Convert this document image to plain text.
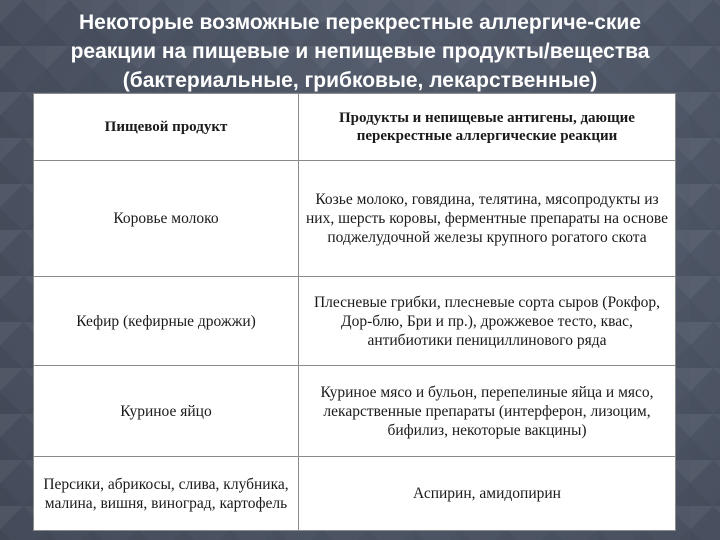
Некоторые возможные перекрестные аллергиче-ские
реакции на пищевые и непищевые продукты/вещества
(бактериальные, грибковые, лекарственные)
Пищевой продукт	Продукты и непищевые антигены, дающие перекрестные аллергические реакции
Коровье молоко	Козье молоко, говядина, телятина, мясопродукты из них, шерсть коровы, ферментные препараты на основе поджелудочной железы крупного рогатого скота
Кефир (кефирные дрожжи)	Плесневые грибки, плесневые сорта сыров (Рокфор, Дор-блю, Бри и пр.), дрожжевое тесто, квас, антибиотики пенициллинового ряда
Куриное яйцо	Куриное мясо и бульон, перепелиные яйца и мясо, лекарственные препараты (интерферон, лизоцим, бифилиз, некоторые вакцины)
Персики, абрикосы, слива, клубника, малина, вишня, виноград, картофель	Аспирин, амидопирин
